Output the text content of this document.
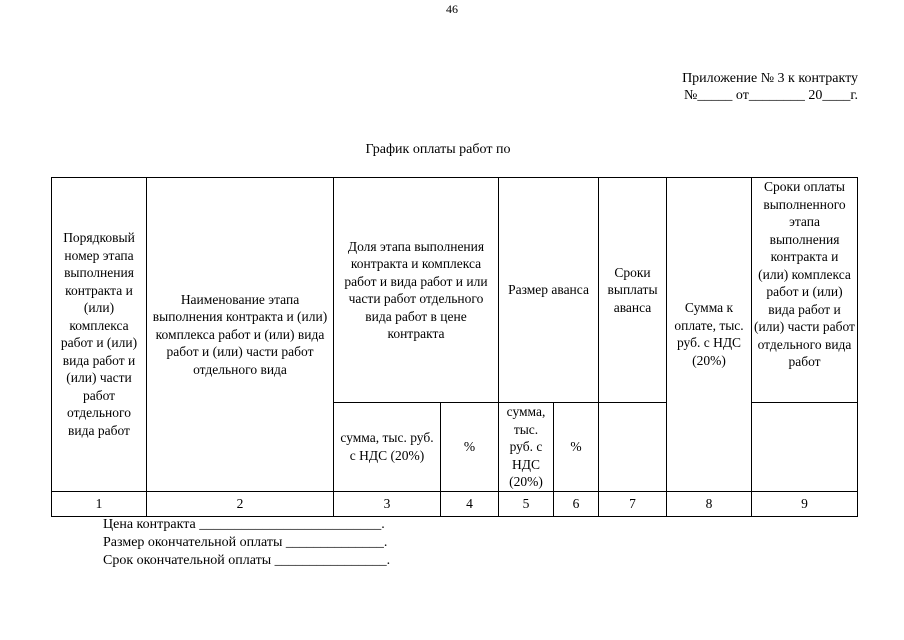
46
Приложение № 3 к контракту
№_____ от________ 20____г.
График оплаты работ по
Порядковый номер этапа выполнения контракта и (или) комплекса работ и (или) вида работ и (или) части работ отдельного вида работ	Наименование этапа выполнения контракта и (или) комплекса работ и (или) вида работ и (или) части работ отдельного вида	Доля этапа выполнения контракта и комплекса работ и вида работ и или части работ отдельного вида работ в цене контракта		Размер аванса		Сроки выплаты аванса	Сумма к оплате, тыс. руб. с НДС (20%)	Сроки оплаты выполненного этапа выполнения контракта и (или) комплекса работ и (или) вида работ и (или) части работ отдельного вида работ
		сумма, тыс. руб. с НДС (20%)	%	сумма, тыс. руб. с НДС (20%)	%			
1	2	3	4	5	6	7	8	9
Цена контракта __________________________.
Размер окончательной оплаты ______________.
Срок окончательной оплаты ________________.
